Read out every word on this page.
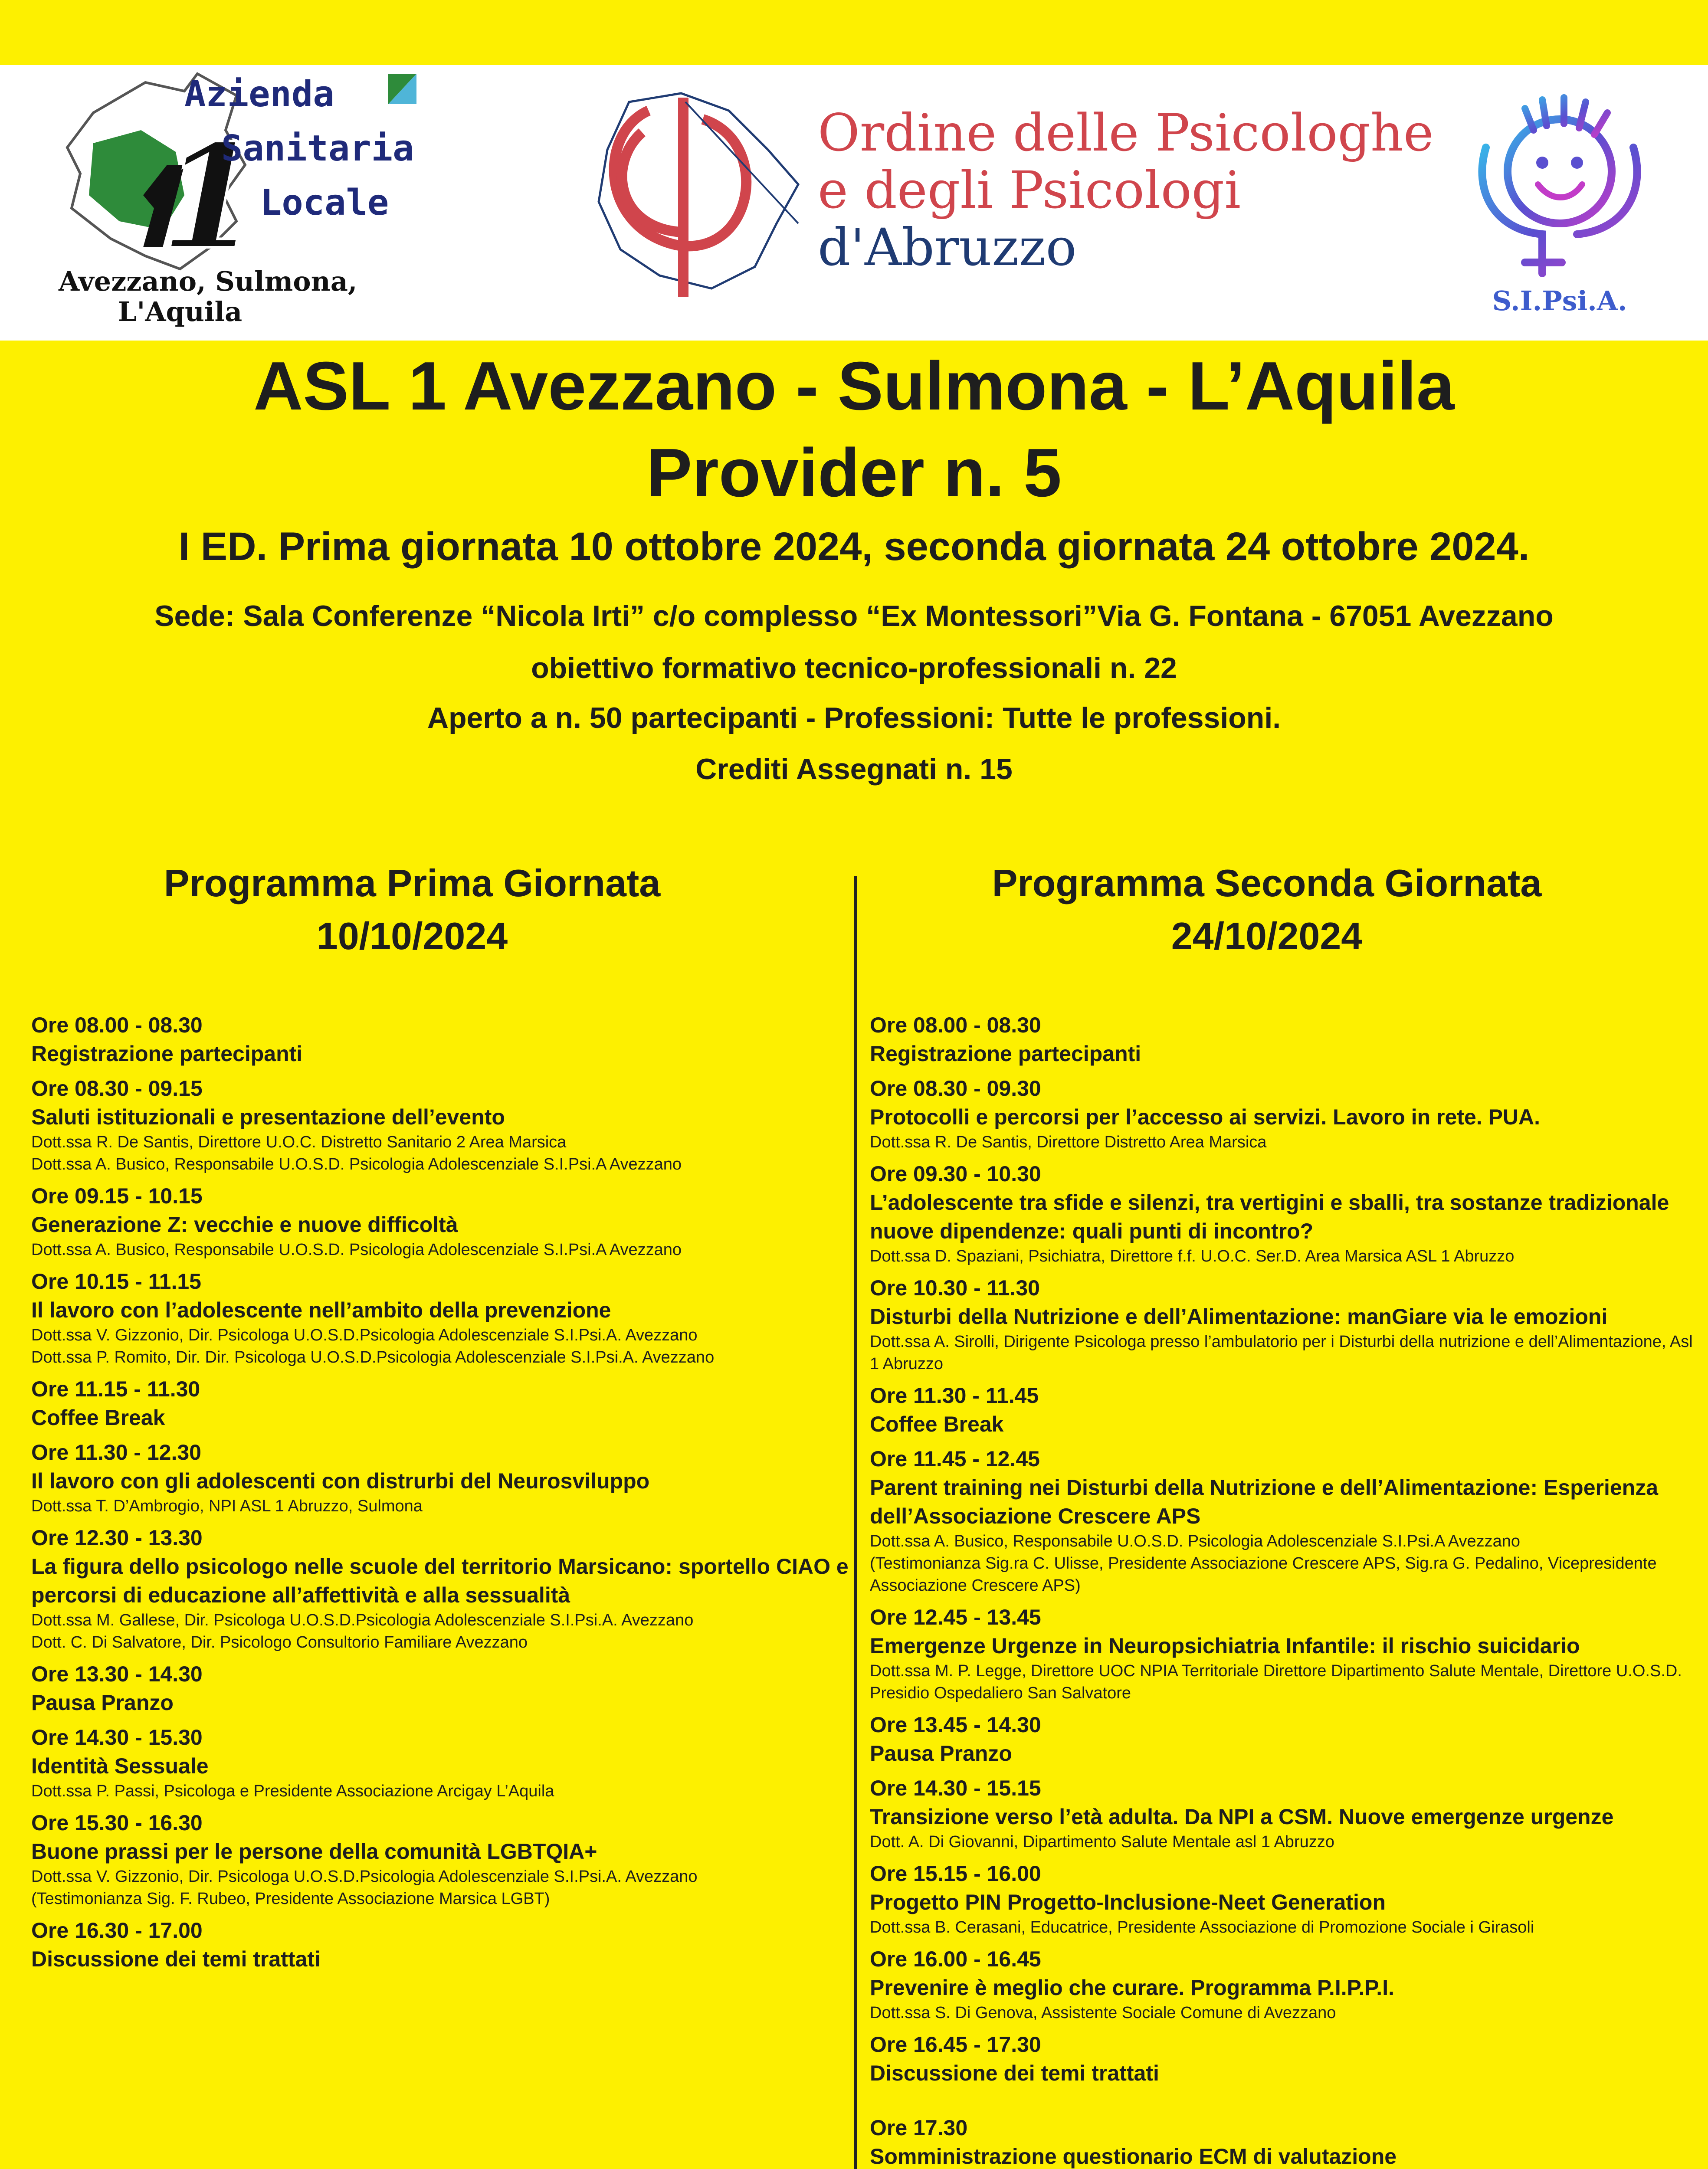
1
Azienda
Sanitaria
Locale
Avezzano, Sulmona,
L'Aquila
Ordine delle Psicologhe
e degli Psicologi
d'Abruzzo
S.I.Psi.A.
ASL 1 Avezzano - Sulmona - L’Aquila
Provider n. 5
I ED. Prima giornata 10 ottobre 2024, seconda giornata 24 ottobre 2024.
Sede: Sala Conferenze “Nicola Irti” c/o complesso “Ex Montessori”Via G. Fontana - 67051 Avezzano
obiettivo formativo tecnico-professionali n. 22
Aperto a n. 50 partecipanti - Professioni: Tutte le professioni.
Crediti Assegnati n. 15
Programma Prima Giornata
10/10/2024
Programma Seconda Giornata
24/10/2024
Ore 08.00 - 08.30
Registrazione partecipanti
Ore 08.30 - 09.15
Saluti istituzionali e presentazione dell’evento
Dott.ssa R. De Santis, Direttore U.O.C. Distretto Sanitario 2 Area Marsica
Dott.ssa A. Busico, Responsabile U.O.S.D. Psicologia Adolescenziale S.I.Psi.A Avezzano
Ore 09.15 - 10.15
Generazione Z: vecchie e nuove difficoltà
Dott.ssa A. Busico, Responsabile U.O.S.D. Psicologia Adolescenziale S.I.Psi.A Avezzano
Ore 10.15 - 11.15
Il lavoro con l’adolescente nell’ambito della prevenzione
Dott.ssa V. Gizzonio, Dir. Psicologa U.O.S.D.Psicologia Adolescenziale S.I.Psi.A. Avezzano
Dott.ssa P. Romito, Dir. Dir. Psicologa U.O.S.D.Psicologia Adolescenziale S.I.Psi.A. Avezzano
Ore 11.15 - 11.30
Coffee Break
Ore 11.30 - 12.30
Il lavoro con gli adolescenti con distrurbi del Neurosviluppo
Dott.ssa T. D’Ambrogio, NPI ASL 1 Abruzzo, Sulmona
Ore 12.30 - 13.30
La figura dello psicologo nelle scuole del territorio Marsicano: sportello CIAO e percorsi di educazione all’affettività e alla sessualità
Dott.ssa M. Gallese, Dir. Psicologa U.O.S.D.Psicologia Adolescenziale S.I.Psi.A. Avezzano
Dott. C. Di Salvatore, Dir. Psicologo Consultorio Familiare Avezzano
Ore 13.30 - 14.30
Pausa Pranzo
Ore 14.30 - 15.30
Identità Sessuale
Dott.ssa P. Passi, Psicologa e Presidente Associazione Arcigay L’Aquila
Ore 15.30 - 16.30
Buone prassi per le persone della comunità LGBTQIA+
Dott.ssa V. Gizzonio, Dir. Psicologa U.O.S.D.Psicologia Adolescenziale S.I.Psi.A. Avezzano
(Testimonianza Sig. F. Rubeo, Presidente Associazione Marsica LGBT)
Ore 16.30 - 17.00
Discussione dei temi trattati
Ore 08.00 - 08.30
Registrazione partecipanti
Ore 08.30 - 09.30
Protocolli e percorsi per l’accesso ai servizi. Lavoro in rete. PUA.
Dott.ssa R. De Santis, Direttore Distretto Area Marsica
Ore 09.30 - 10.30
L’adolescente tra sfide e silenzi, tra vertigini e sballi, tra sostanze tradizionale nuove dipendenze: quali punti di incontro?
Dott.ssa D. Spaziani, Psichiatra, Direttore f.f. U.O.C. Ser.D. Area Marsica ASL 1 Abruzzo
Ore 10.30 - 11.30
Disturbi della Nutrizione e dell’Alimentazione: manGiare via le emozioni
Dott.ssa A. Sirolli, Dirigente Psicologa presso l’ambulatorio per i Disturbi della nutrizione e dell’Alimentazione, Asl 1 Abruzzo
Ore 11.30 - 11.45
Coffee Break
Ore 11.45 - 12.45
Parent training nei Disturbi della Nutrizione e dell’Alimentazione: Esperienza dell’Associazione Crescere APS
Dott.ssa A. Busico, Responsabile U.O.S.D. Psicologia Adolescenziale S.I.Psi.A Avezzano
(Testimonianza Sig.ra C. Ulisse, Presidente Associazione Crescere APS, Sig.ra G. Pedalino, Vicepresidente Associazione Crescere APS)
Ore 12.45 - 13.45
Emergenze Urgenze in Neuropsichiatria Infantile: il rischio suicidario
Dott.ssa M. P. Legge, Direttore UOC NPIA Territoriale Direttore Dipartimento Salute Mentale, Direttore U.O.S.D. Presidio Ospedaliero San Salvatore
Ore 13.45 - 14.30
Pausa Pranzo
Ore 14.30 - 15.15
Transizione verso l’età adulta. Da NPI a CSM. Nuove emergenze urgenze
Dott. A. Di Giovanni, Dipartimento Salute Mentale asl 1 Abruzzo
Ore 15.15 - 16.00
Progetto PIN Progetto-Inclusione-Neet Generation
Dott.ssa B. Cerasani, Educatrice, Presidente Associazione di Promozione Sociale i Girasoli
Ore 16.00 - 16.45
Prevenire è meglio che curare. Programma P.I.P.P.I.
Dott.ssa S. Di Genova, Assistente Sociale Comune di Avezzano
Ore 16.45 - 17.30
Discussione dei temi trattati
Ore 17.30
Somministrazione questionario ECM di valutazione
